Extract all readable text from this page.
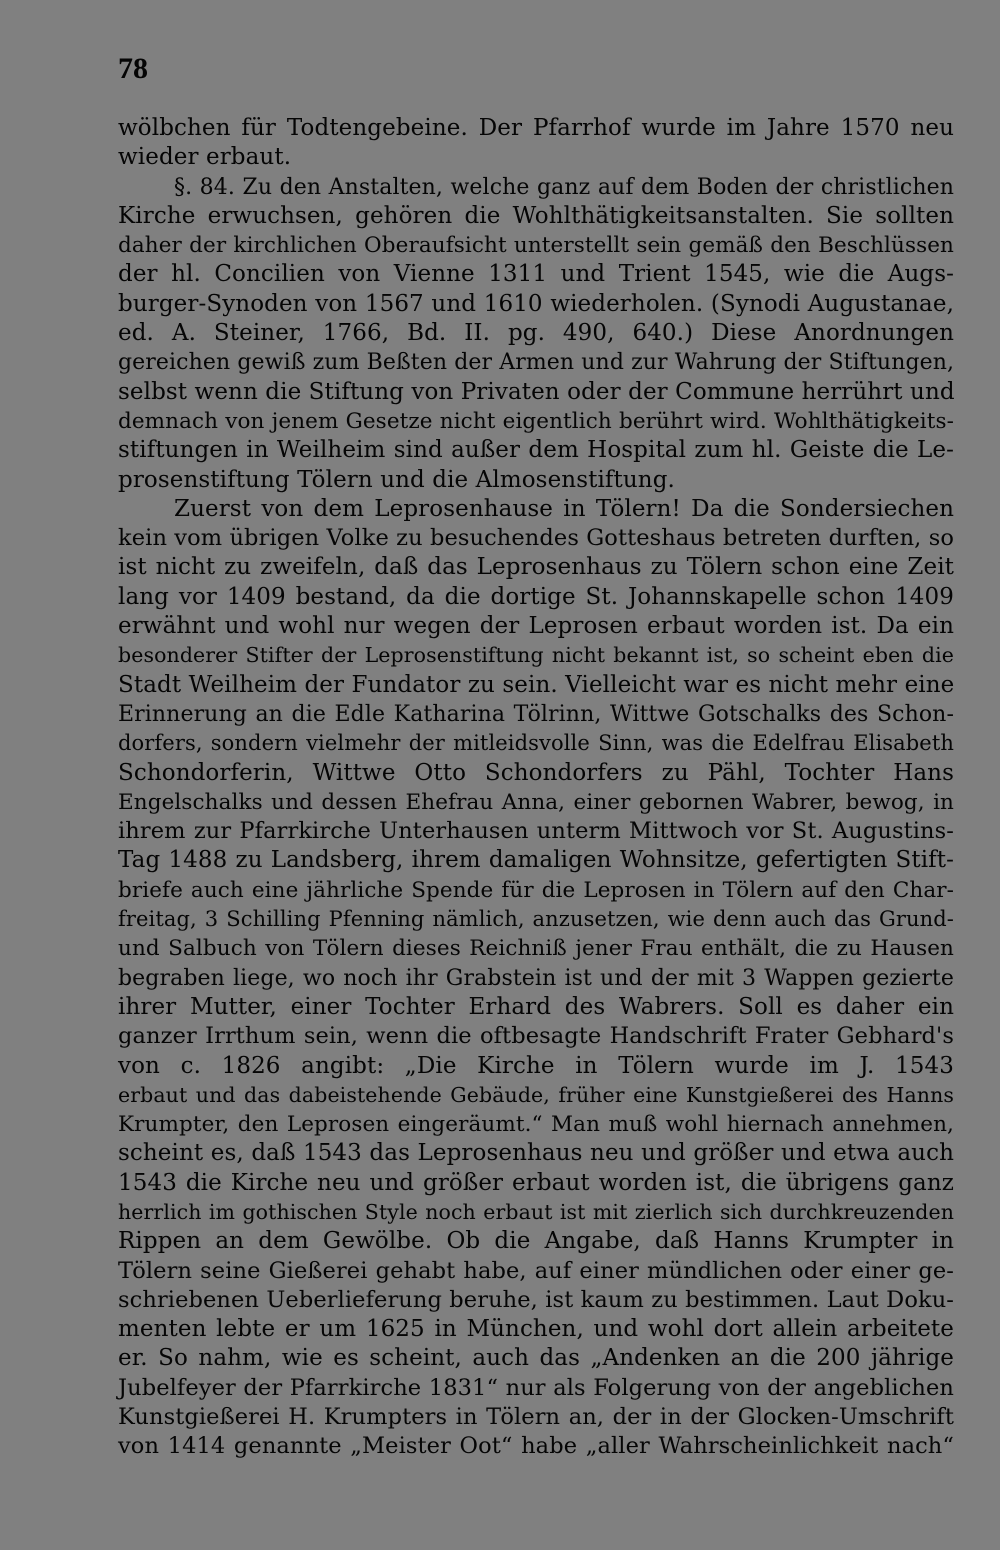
78
wölbchen für Todtengebeine. Der Pfarrhof wurde im Jahre 1570 neu
wieder erbaut.
§. 84. Zu den Anstalten, welche ganz auf dem Boden der christlichen
Kirche erwuchsen, gehören die Wohlthätigkeitsanstalten. Sie sollten
daher der kirchlichen Oberaufsicht unterstellt sein gemäß den Beschlüssen
der hl. Concilien von Vienne 1311 und Trient 1545, wie die Augs-
burger-Synoden von 1567 und 1610 wiederholen. (Synodi Augustanae,
ed. A. Steiner, 1766, Bd. II. pg. 490, 640.) Diese Anordnungen
gereichen gewiß zum Beßten der Armen und zur Wahrung der Stiftungen,
selbst wenn die Stiftung von Privaten oder der Commune herrührt und
demnach von jenem Gesetze nicht eigentlich berührt wird. Wohlthätigkeits-
stiftungen in Weilheim sind außer dem Hospital zum hl. Geiste die Le-
prosenstiftung Tölern und die Almosenstiftung.
Zuerst von dem Leprosenhause in Tölern! Da die Sondersiechen
kein vom übrigen Volke zu besuchendes Gotteshaus betreten durften, so
ist nicht zu zweifeln, daß das Leprosenhaus zu Tölern schon eine Zeit
lang vor 1409 bestand, da die dortige St. Johannskapelle schon 1409
erwähnt und wohl nur wegen der Leprosen erbaut worden ist. Da ein
besonderer Stifter der Leprosenstiftung nicht bekannt ist, so scheint eben die
Stadt Weilheim der Fundator zu sein. Vielleicht war es nicht mehr eine
Erinnerung an die Edle Katharina Tölrinn, Wittwe Gotschalks des Schon-
dorfers, sondern vielmehr der mitleidsvolle Sinn, was die Edelfrau Elisabeth
Schondorferin, Wittwe Otto Schondorfers zu Pähl, Tochter Hans
Engelschalks und dessen Ehefrau Anna, einer gebornen Wabrer, bewog, in
ihrem zur Pfarrkirche Unterhausen unterm Mittwoch vor St. Augustins-
Tag 1488 zu Landsberg, ihrem damaligen Wohnsitze, gefertigten Stift-
briefe auch eine jährliche Spende für die Leprosen in Tölern auf den Char-
freitag, 3 Schilling Pfenning nämlich, anzusetzen, wie denn auch das Grund-
und Salbuch von Tölern dieses Reichniß jener Frau enthält, die zu Hausen
begraben liege, wo noch ihr Grabstein ist und der mit 3 Wappen gezierte
ihrer Mutter, einer Tochter Erhard des Wabrers. Soll es daher ein
ganzer Irrthum sein, wenn die oftbesagte Handschrift Frater Gebhard's
von c. 1826 angibt: „Die Kirche in Tölern wurde im J. 1543
erbaut und das dabeistehende Gebäude, früher eine Kunstgießerei des Hanns
Krumpter, den Leprosen eingeräumt.“ Man muß wohl hiernach annehmen,
scheint es, daß 1543 das Leprosenhaus neu und größer und etwa auch
1543 die Kirche neu und größer erbaut worden ist, die übrigens ganz
herrlich im gothischen Style noch erbaut ist mit zierlich sich durchkreuzenden
Rippen an dem Gewölbe. Ob die Angabe, daß Hanns Krumpter in
Tölern seine Gießerei gehabt habe, auf einer mündlichen oder einer ge-
schriebenen Ueberlieferung beruhe, ist kaum zu bestimmen. Laut Doku-
menten lebte er um 1625 in München, und wohl dort allein arbeitete
er. So nahm, wie es scheint, auch das „Andenken an die 200 jährige
Jubelfeyer der Pfarrkirche 1831“ nur als Folgerung von der angeblichen
Kunstgießerei H. Krumpters in Tölern an, der in der Glocken-Umschrift
von 1414 genannte „Meister Oot“ habe „aller Wahrscheinlichkeit nach“
